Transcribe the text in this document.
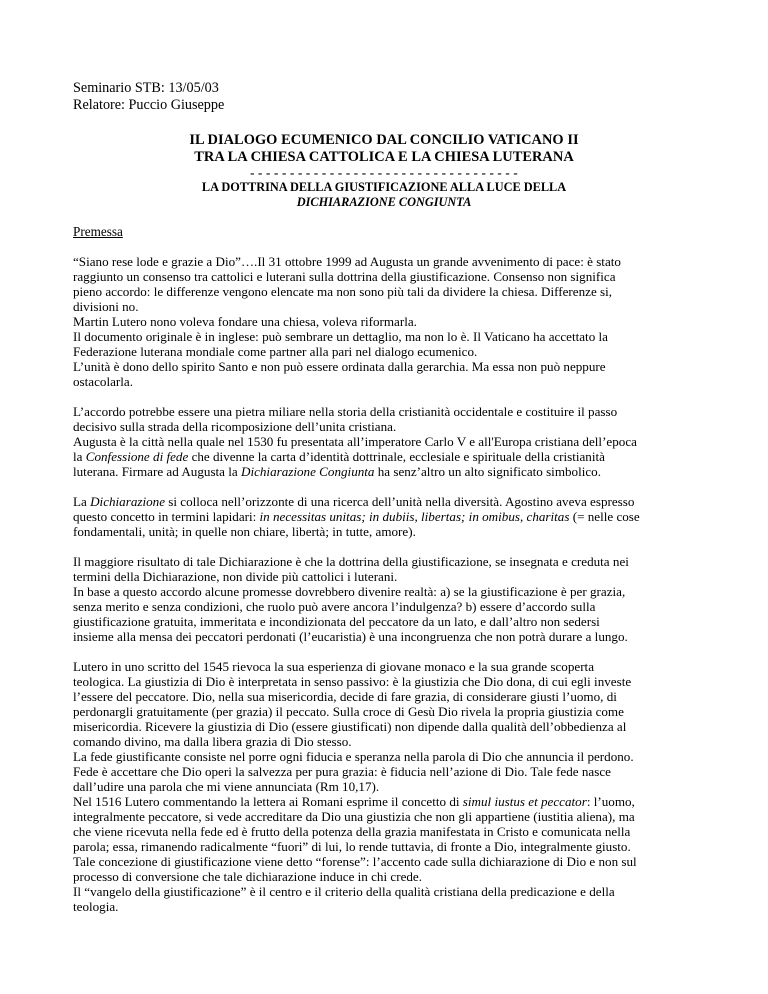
Seminario STB: 13/05/03

Relatore: Puccio Giuseppe

IL DIALOGO ECUMENICO DAL CONCILIO VATICANO II

TRA LA CHIESA CATTOLICA E LA CHIESA LUTERANA

- - - - - - - - - - - - - - - - - - - - - - - - - - - - - - - - - -

LA DOTTRINA DELLA GIUSTIFICAZIONE ALLA LUCE DELLA

DICHIARAZIONE CONGIUNTA

Premessa

“Siano rese lode e grazie a Dio”….Il 31 ottobre 1999 ad Augusta un grande avvenimento di pace: è stato
raggiunto un consenso tra cattolici e luterani sulla dottrina della giustificazione. Consenso non significa
pieno accordo: le differenze vengono elencate ma non sono più tali da dividere la chiesa. Differenze si,
divisioni no.
Martin Lutero nono voleva fondare una chiesa, voleva riformarla.
Il documento originale è in inglese: può sembrare un dettaglio, ma non lo è. Il Vaticano ha accettato la
Federazione luterana mondiale come partner alla pari nel dialogo ecumenico.
L’unità è dono dello spirito Santo e non può essere ordinata dalla gerarchia. Ma essa non può neppure
ostacolarla.

L’accordo potrebbe essere una pietra miliare nella storia della cristianità occidentale e costituire il passo
decisivo sulla strada della ricomposizione dell’unita cristiana.
Augusta è la città nella quale nel 1530 fu presentata all’imperatore Carlo V e all'Europa cristiana dell’epoca
la Confessione di fede che divenne la carta d’identità dottrinale, ecclesiale e spirituale della cristianità
luterana. Firmare ad Augusta la Dichiarazione Congiunta ha senz’altro un alto significato simbolico.

La Dichiarazione si colloca nell’orizzonte di una ricerca dell’unità nella diversità. Agostino aveva espresso
questo concetto in termini lapidari: in necessitas unitas; in dubiis, libertas; in omibus, charitas (= nelle cose
fondamentali, unità; in quelle non chiare, libertà; in tutte, amore).

Il maggiore risultato di tale Dichiarazione è che la dottrina della giustificazione, se insegnata e creduta nei
termini della Dichiarazione, non divide più cattolici i luterani.
In base a questo accordo alcune promesse dovrebbero divenire realtà: a) se la giustificazione è per grazia,
senza merito e senza condizioni, che ruolo può avere ancora l’indulgenza? b) essere d’accordo sulla
giustificazione gratuita, immeritata e incondizionata del peccatore da un lato, e dall’altro non sedersi
insieme alla mensa dei peccatori perdonati (l’eucaristia) è una incongruenza che non potrà durare a lungo.

Lutero in uno scritto del 1545 rievoca la sua esperienza di giovane monaco e la sua grande scoperta
teologica. La giustizia di Dio è interpretata in senso passivo: è la giustizia che Dio dona, di cui egli investe
l’essere del peccatore. Dio, nella sua misericordia, decide di fare grazia, di considerare giusti l’uomo, di
perdonargli gratuitamente (per grazia) il peccato. Sulla croce di Gesù Dio rivela la propria giustizia come
misericordia. Ricevere la giustizia di Dio (essere giustificati) non dipende dalla qualità dell’obbedienza al
comando divino, ma dalla libera grazia di Dio stesso.
La fede giustificante consiste nel porre ogni fiducia e speranza nella parola di Dio che annuncia il perdono.
Fede è accettare che Dio operi la salvezza per pura grazia: è fiducia nell’azione di Dio. Tale fede nasce
dall’udire una parola che mi viene annunciata (Rm 10,17).
Nel 1516 Lutero commentando la lettera ai Romani esprime il concetto di simul iustus et peccator: l’uomo,
integralmente peccatore, si vede accreditare da Dio una giustizia che non gli appartiene (iustitia aliena), ma
che viene ricevuta nella fede ed è frutto della potenza della grazia manifestata in Cristo e comunicata nella
parola; essa, rimanendo radicalmente “fuori” di lui, lo rende tuttavia, di fronte a Dio, integralmente giusto.
Tale concezione di giustificazione viene detto “forense”: l’accento cade sulla dichiarazione di Dio e non sul
processo di conversione che tale dichiarazione induce in chi crede.
Il “vangelo della giustificazione” è il centro e il criterio della qualità cristiana della predicazione e della
teologia.
